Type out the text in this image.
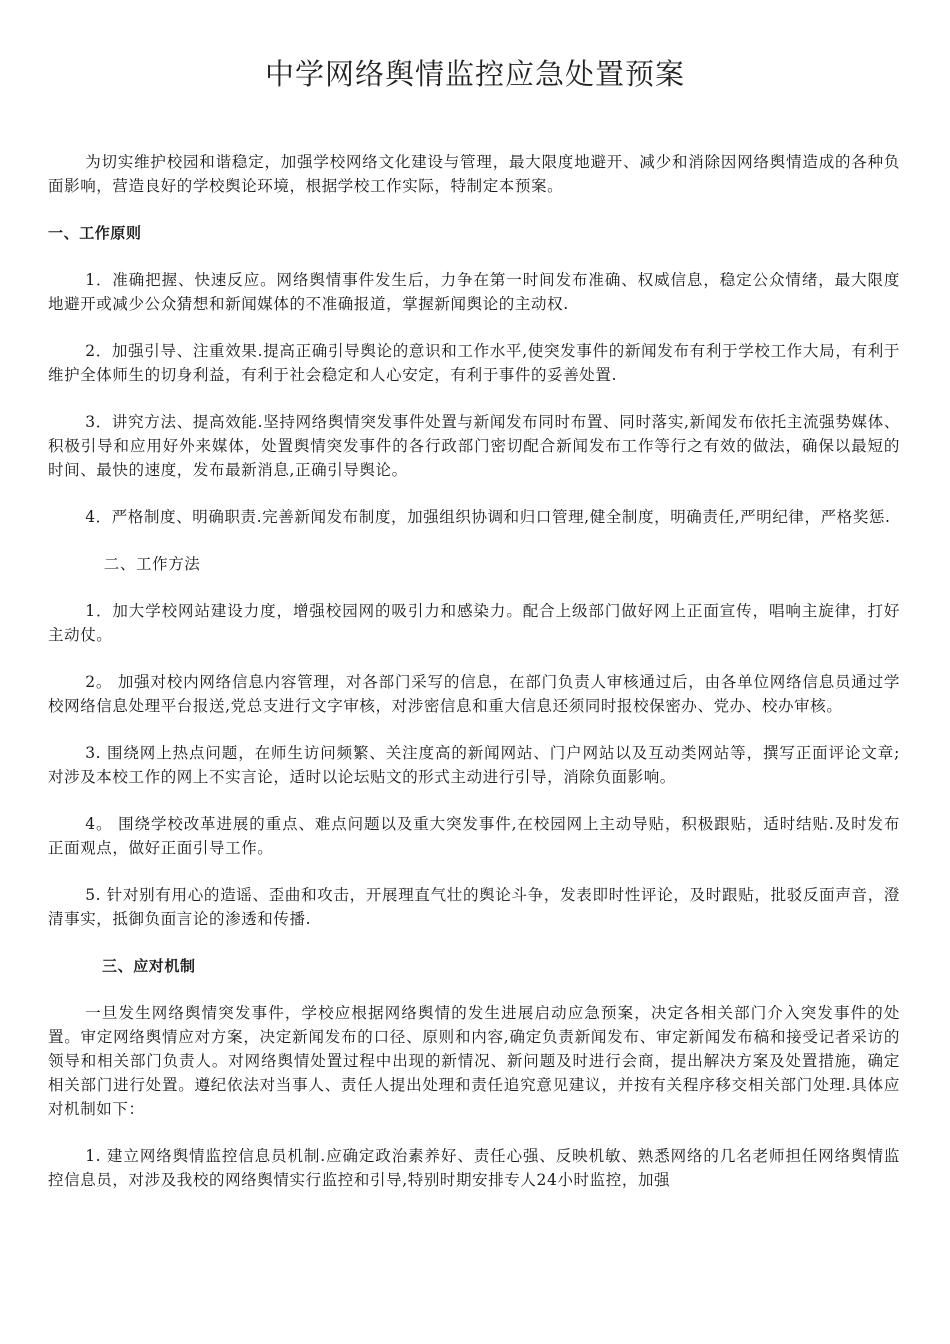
中学网络舆情监控应急处置预案

为切实维护校园和谐稳定，加强学校网络文化建设与管理，最大限度地避开、减少和消除因网络舆情造成的各种负面影响，营造良好的学校舆论环境，根据学校工作实际，特制定本预案。

一、工作原则

1．准确把握、快速反应。网络舆情事件发生后，力争在第一时间发布准确、权威信息，稳定公众情绪，最大限度地避开或减少公众猜想和新闻媒体的不准确报道，掌握新闻舆论的主动权.

2．加强引导、注重效果.提高正确引导舆论的意识和工作水平,使突发事件的新闻发布有利于学校工作大局，有利于维护全体师生的切身利益，有利于社会稳定和人心安定，有利于事件的妥善处置.

3．讲究方法、提高效能.坚持网络舆情突发事件处置与新闻发布同时布置、同时落实,新闻发布依托主流强势媒体、积极引导和应用好外来媒体，处置舆情突发事件的各行政部门密切配合新闻发布工作等行之有效的做法，确保以最短的时间、最快的速度，发布最新消息,正确引导舆论。

4．严格制度、明确职责.完善新闻发布制度，加强组织协调和归口管理,健全制度，明确责任,严明纪律，严格奖惩.

二、工作方法

1．加大学校网站建设力度，增强校园网的吸引力和感染力。配合上级部门做好网上正面宣传，唱响主旋律，打好主动仗。

2。 加强对校内网络信息内容管理，对各部门采写的信息，在部门负责人审核通过后，由各单位网络信息员通过学校网络信息处理平台报送,党总支进行文字审核，对涉密信息和重大信息还须同时报校保密办、党办、校办审核。

3. 围绕网上热点问题，在师生访问频繁、关注度高的新闻网站、门户网站以及互动类网站等，撰写正面评论文章;对涉及本校工作的网上不实言论，适时以论坛贴文的形式主动进行引导，消除负面影响。

4。 围绕学校改革进展的重点、难点问题以及重大突发事件,在校园网上主动导贴，积极跟贴，适时结贴.及时发布正面观点，做好正面引导工作。

5. 针对别有用心的造谣、歪曲和攻击，开展理直气壮的舆论斗争，发表即时性评论，及时跟贴，批驳反面声音，澄清事实，抵御负面言论的渗透和传播.

三、应对机制

一旦发生网络舆情突发事件，学校应根据网络舆情的发生进展启动应急预案，决定各相关部门介入突发事件的处置。审定网络舆情应对方案，决定新闻发布的口径、原则和内容,确定负责新闻发布、审定新闻发布稿和接受记者采访的领导和相关部门负责人。对网络舆情处置过程中出现的新情况、新问题及时进行会商，提出解决方案及处置措施，确定相关部门进行处置。遵纪依法对当事人、责任人提出处理和责任追究意见建议，并按有关程序移交相关部门处理.具体应对机制如下：

1. 建立网络舆情监控信息员机制.应确定政治素养好、责任心强、反映机敏、熟悉网络的几名老师担任网络舆情监控信息员，对涉及我校的网络舆情实行监控和引导,特别时期安排专人24小时监控，加强
